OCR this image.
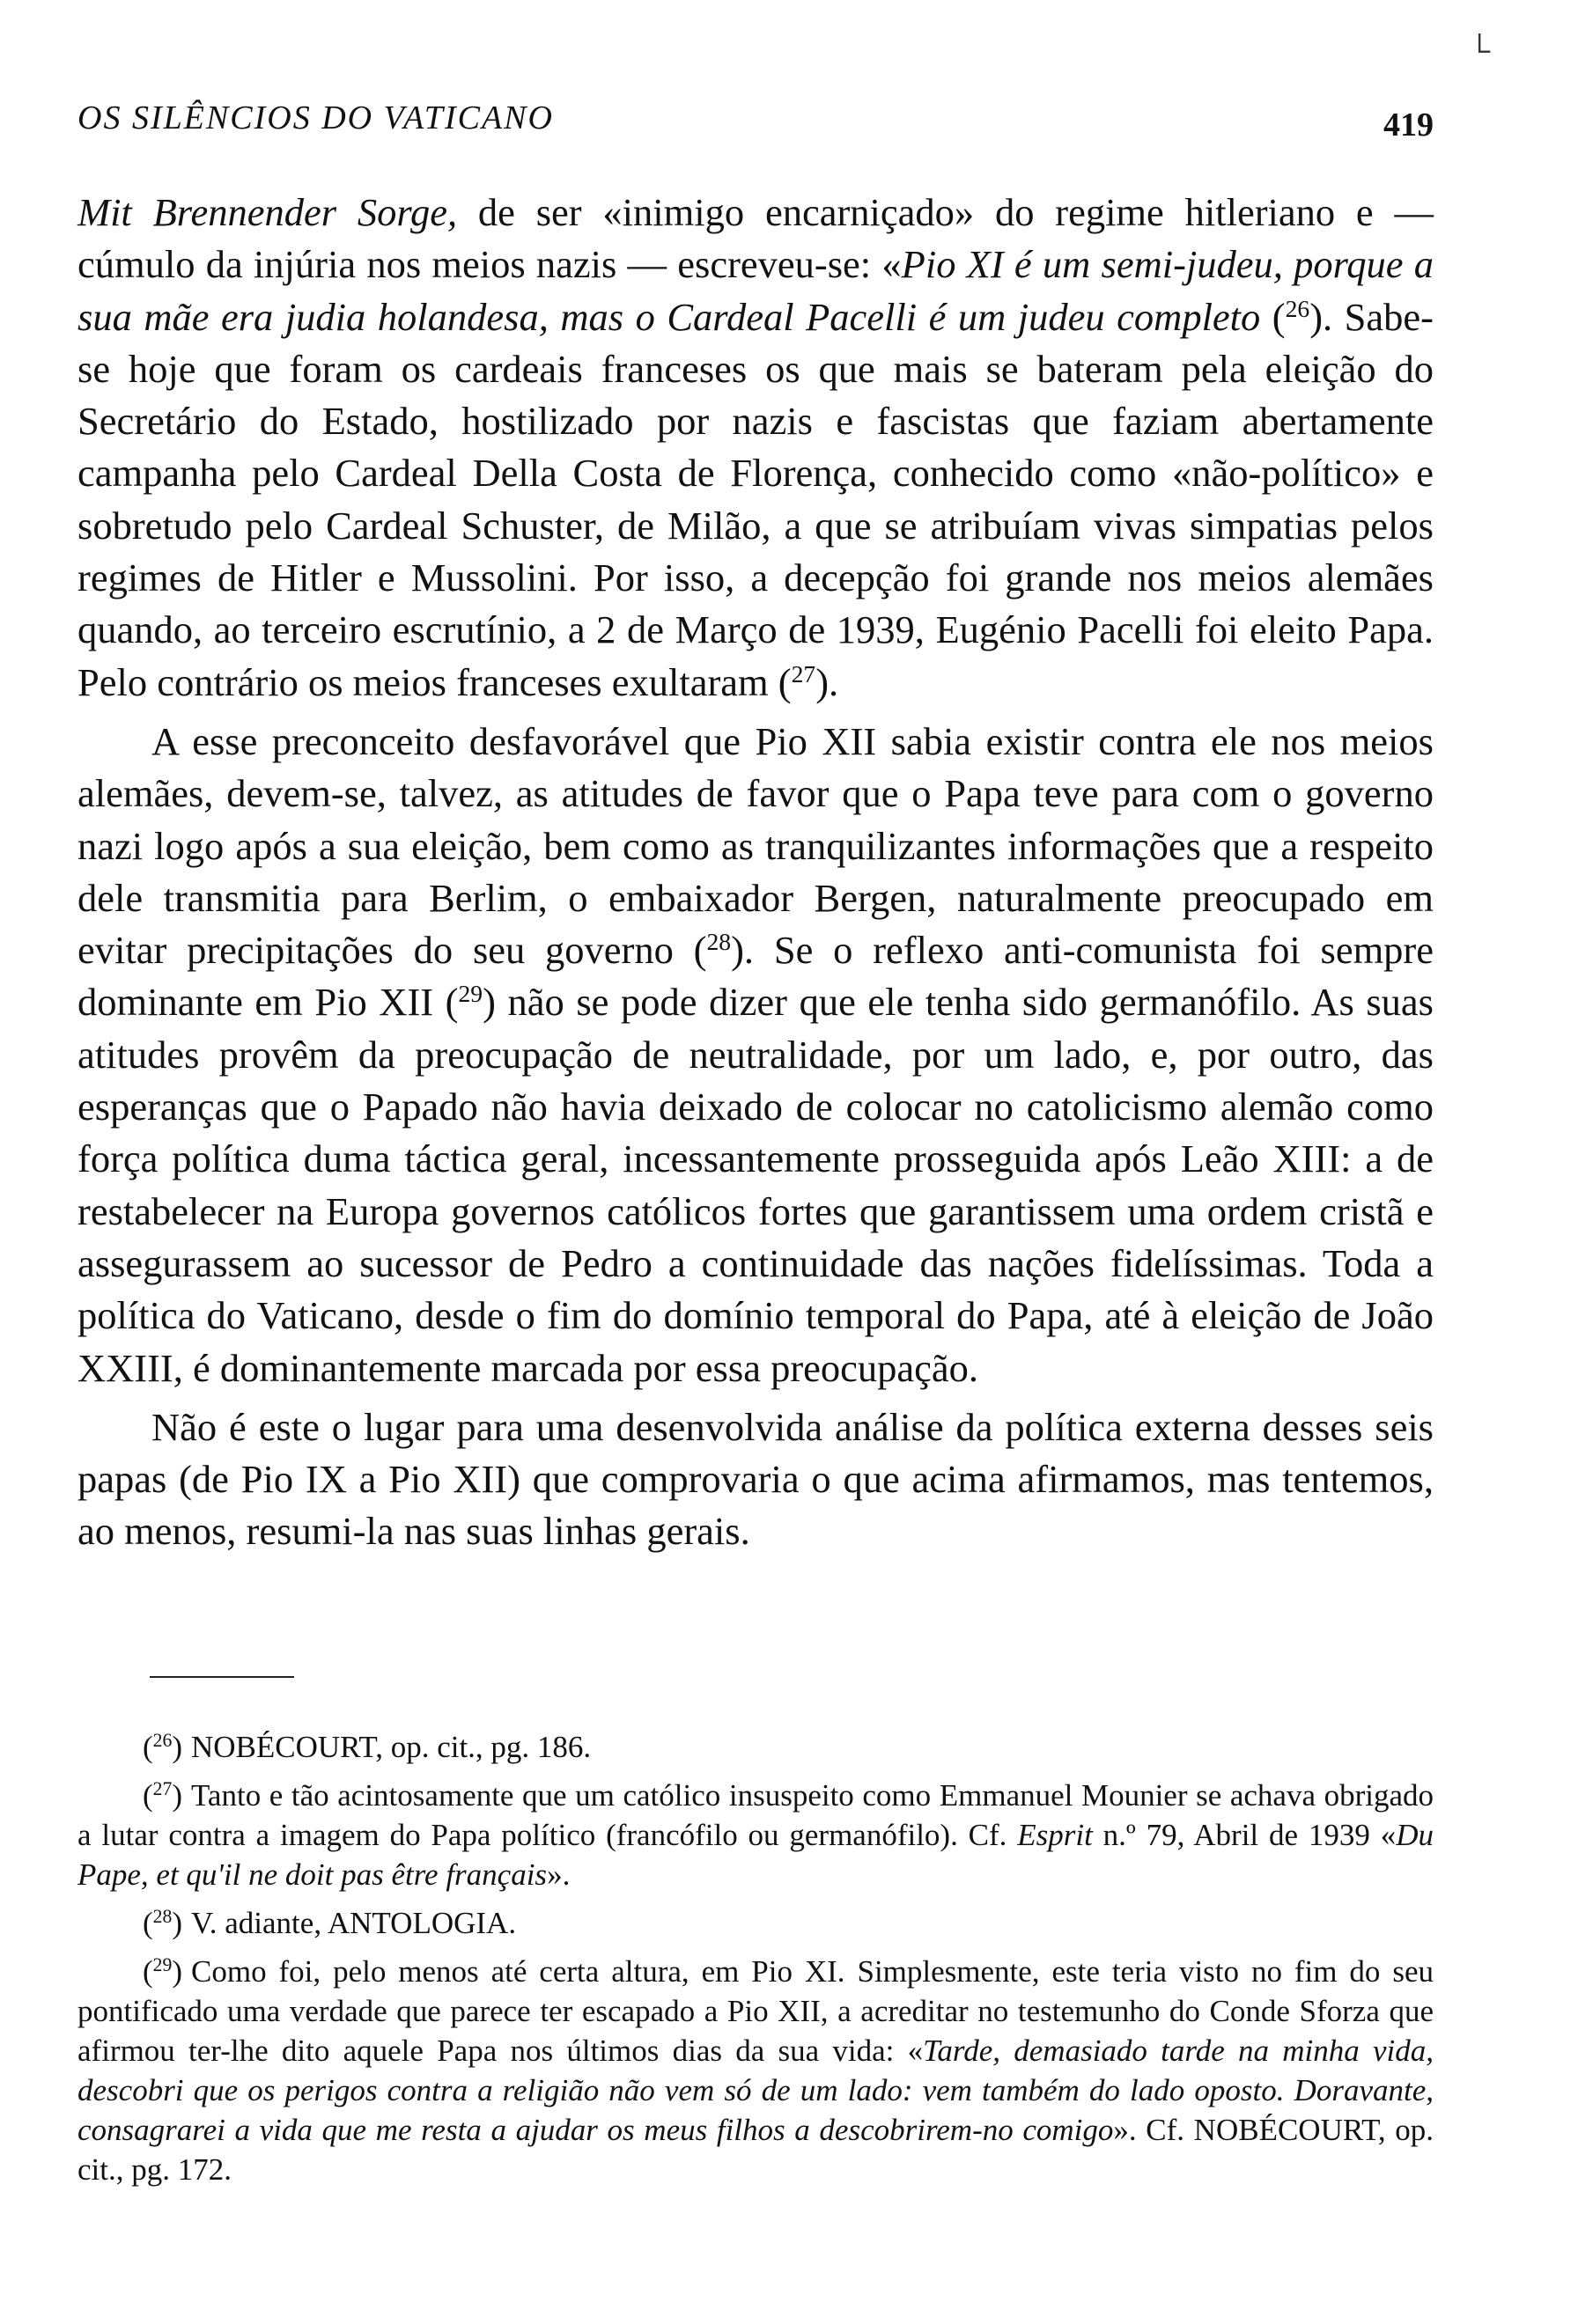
└
OS SILÊNCIOS DO VATICANO	419

Mit Brennender Sorge, de ser «inimigo encarniçado» do regime hitleriano e — cúmulo da injúria nos meios nazis — escreveu-se: «Pio XI é um semi-judeu, porque a sua mãe era judia holandesa, mas o Cardeal Pacelli é um judeu completo ($^{26}$). Sabe-se hoje que foram os cardeais franceses os que mais se bateram pela eleição do Secretário do Estado, hostilizado por nazis e fascistas que faziam abertamente campanha pelo Cardeal Della Costa de Florença, conhecido como «não-político» e sobretudo pelo Cardeal Schuster, de Milão, a que se atribuíam vivas simpatias pelos regimes de Hitler e Mussolini. Por isso, a decepção foi grande nos meios alemães quando, ao terceiro escrutínio, a 2 de Março de 1939, Eugénio Pacelli foi eleito Papa. Pelo contrário os meios franceses exultaram ($^{27}$).

A esse preconceito desfavorável que Pio XII sabia existir contra ele nos meios alemães, devem-se, talvez, as atitudes de favor que o Papa teve para com o governo nazi logo após a sua eleição, bem como as tranquilizantes informações que a respeito dele transmitia para Berlim, o embaixador Bergen, naturalmente preocupado em evitar precipitações do seu governo ($^{28}$). Se o reflexo anti-comunista foi sempre dominante em Pio XII ($^{29}$) não se pode dizer que ele tenha sido germanófilo. As suas atitudes provêm da preocupação de neutralidade, por um lado, e, por outro, das esperanças que o Papado não havia deixado de colocar no catolicismo alemão como força política duma táctica geral, incessantemente prosseguida após Leão XIII: a de restabelecer na Europa governos católicos fortes que garantissem uma ordem cristã e assegurassem ao sucessor de Pedro a continuidade das nações fidelíssimas. Toda a política do Vaticano, desde o fim do domínio temporal do Papa, até à eleição de João XXIII, é dominantemente marcada por essa preocupação.

Não é este o lugar para uma desenvolvida análise da política externa desses seis papas (de Pio IX a Pio XII) que comprovaria o que acima afirmamos, mas tentemos, ao menos, resumi-la nas suas linhas gerais.

($^{26}$) NOBÉCOURT, op. cit., pg. 186.

($^{27}$) Tanto e tão acintosamente que um católico insuspeito como Emmanuel Mounier se achava obrigado a lutar contra a imagem do Papa político (francófilo ou germanófilo). Cf. Esprit n.º 79, Abril de 1939 «Du Pape, et qu'il ne doit pas être français».

($^{28}$) V. adiante, ANTOLOGIA.

($^{29}$) Como foi, pelo menos até certa altura, em Pio XI. Simplesmente, este teria visto no fim do seu pontificado uma verdade que parece ter escapado a Pio XII, a acreditar no testemunho do Conde Sforza que afirmou ter-lhe dito aquele Papa nos últimos dias da sua vida: «Tarde, demasiado tarde na minha vida, descobri que os perigos contra a religião não vem só de um lado: vem também do lado oposto. Doravante, consagrarei a vida que me resta a ajudar os meus filhos a descobrirem-no comigo». Cf. NOBÉCOURT, op. cit., pg. 172.
